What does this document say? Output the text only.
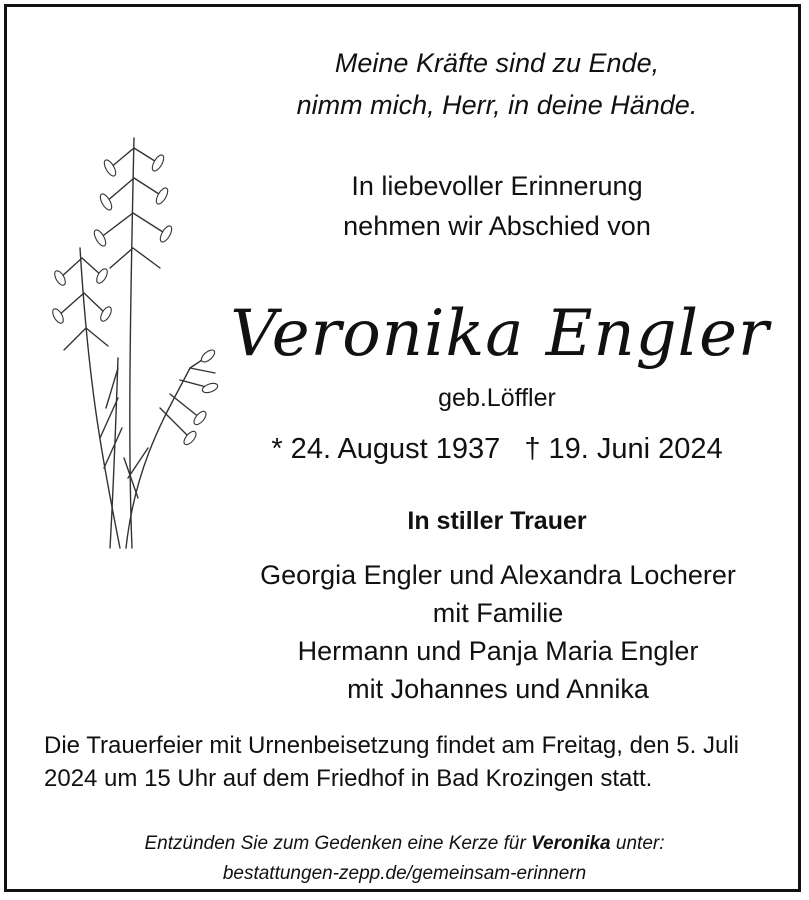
Meine Kräfte sind zu Ende,
nimm mich, Herr, in deine Hände.
In liebevoller Erinnerung
nehmen wir Abschied von
Veronika Engler
geb.Löffler
* 24. August 1937 † 19. Juni 2024
In stiller Trauer
Georgia Engler und Alexandra Locherer
mit Familie
Hermann und Panja Maria Engler
mit Johannes und Annika
Die Trauerfeier mit Urnenbeisetzung findet am Freitag, den 5. Juli 2024 um 15 Uhr auf dem Friedhof in Bad Krozingen statt.
Entzünden Sie zum Gedenken eine Kerze für Veronika unter:
bestattungen-zepp.de/gemeinsam-erinnern
